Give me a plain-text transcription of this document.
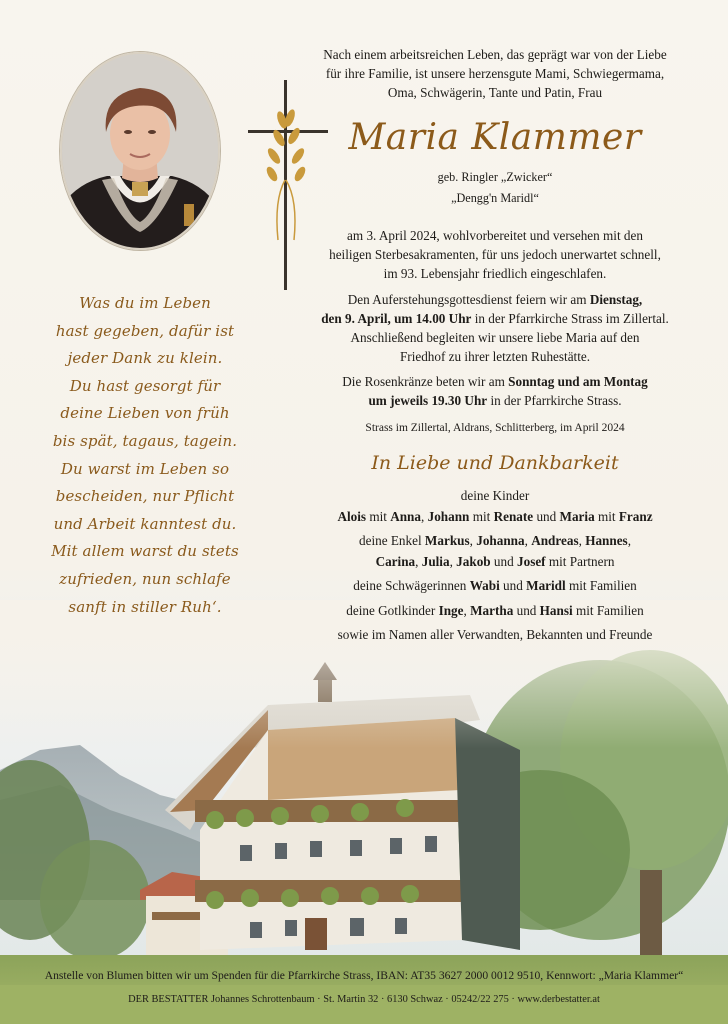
Was du im Leben
hast gegeben, dafür ist
jeder Dank zu klein.
Du hast gesorgt für
deine Lieben von früh
bis spät, tagaus, tagein.
Du warst im Leben so
bescheiden, nur Pflicht
und Arbeit kanntest du.
Mit allem warst du stets
zufrieden, nun schlafe
sanft in stiller Ruh‘.
Nach einem arbeitsreichen Leben, das geprägt war von der Liebe
für ihre Familie, ist unsere herzensgute Mami, Schwiegermama,
Oma, Schwägerin, Tante und Patin, Frau
Maria Klammer
geb. Ringler „Zwicker“
„Dengg'n Maridl“
am 3. April 2024, wohlvorbereitet und versehen mit den
heiligen Sterbesakramenten, für uns jedoch unerwartet schnell,
im 93. Lebensjahr friedlich eingeschlafen.
Den Auferstehungsgottesdienst feiern wir am Dienstag,
den 9. April, um 14.00 Uhr in der Pfarrkirche Strass im Zillertal.
Anschließend begleiten wir unsere liebe Maria auf den
Friedhof zu ihrer letzten Ruhestätte.
Die Rosenkränze beten wir am Sonntag und am Montag
um jeweils 19.30 Uhr in der Pfarrkirche Strass.
Strass im Zillertal, Aldrans, Schlitterberg, im April 2024
In Liebe und Dankbarkeit
deine Kinder
Alois mit Anna, Johann mit Renate und Maria mit Franz
deine Enkel Markus, Johanna, Andreas, Hannes,
Carina, Julia, Jakob und Josef mit Partnern
deine Schwägerinnen Wabi und Maridl mit Familien
deine Gotlkinder Inge, Martha und Hansi mit Familien
sowie im Namen aller Verwandten, Bekannten und Freunde
Anstelle von Blumen bitten wir um Spenden für die Pfarrkirche Strass, IBAN: AT35 3627 2000 0012 9510, Kennwort: „Maria Klammer“
DER BESTATTER Johannes Schrottenbaum · St. Martin 32 · 6130 Schwaz · 05242/22 275 · www.derbestatter.at
